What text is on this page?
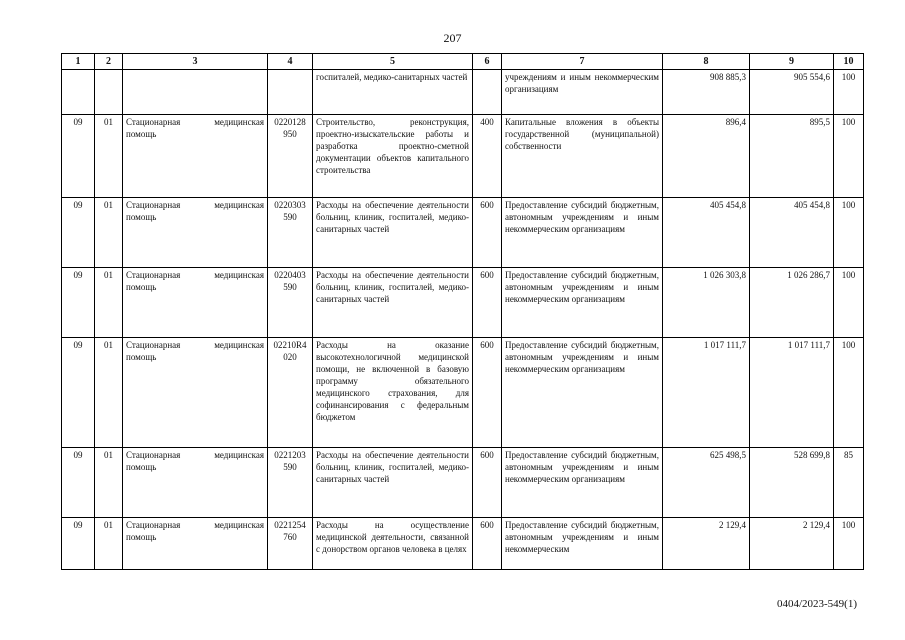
207
1	2	3	4	5	6	7	8	9	10
				госпиталей, медико-санитарных частей		учреждениям и иным некоммерческим организациям	908 885,3	905 554,6	100
09	01	Стационарная медицинская помощь	0220128 950	Строительство, реконструкция, проектно-изыскательские работы и разработка проектно-сметной документации объектов капитального строительства	400	Капитальные вложения в объекты государственной (муниципальной) собственности	896,4	895,5	100
09	01	Стационарная медицинская помощь	0220303 590	Расходы на обеспечение деятельности больниц, клиник, госпиталей, медико-санитарных частей	600	Предоставление субсидий бюджетным, автономным учреждениям и иным некоммерческим организациям	405 454,8	405 454,8	100
09	01	Стационарная медицинская помощь	0220403 590	Расходы на обеспечение деятельности больниц, клиник, госпиталей, медико-санитарных частей	600	Предоставление субсидий бюджетным, автономным учреждениям и иным некоммерческим организациям	1 026 303,8	1 026 286,7	100
09	01	Стационарная медицинская помощь	02210R4 020	Расходы на оказание высокотехнологичной медицинской помощи, не включенной в базовую программу обязательного медицинского страхования, для софинансирования с федеральным бюджетом	600	Предоставление субсидий бюджетным, автономным учреждениям и иным некоммерческим организациям	1 017 111,7	1 017 111,7	100
09	01	Стационарная медицинская помощь	0221203 590	Расходы на обеспечение деятельности больниц, клиник, госпиталей, медико-санитарных частей	600	Предоставление субсидий бюджетным, автономным учреждениям и иным некоммерческим организациям	625 498,5	528 699,8	85
09	01	Стационарная медицинская помощь	0221254 760	Расходы на осуществление медицинской деятельности, связанной с донорством органов человека в целях	600	Предоставление субсидий бюджетным, автономным учреждениям и иным некоммерческим	2 129,4	2 129,4	100
0404/2023-549(1)
